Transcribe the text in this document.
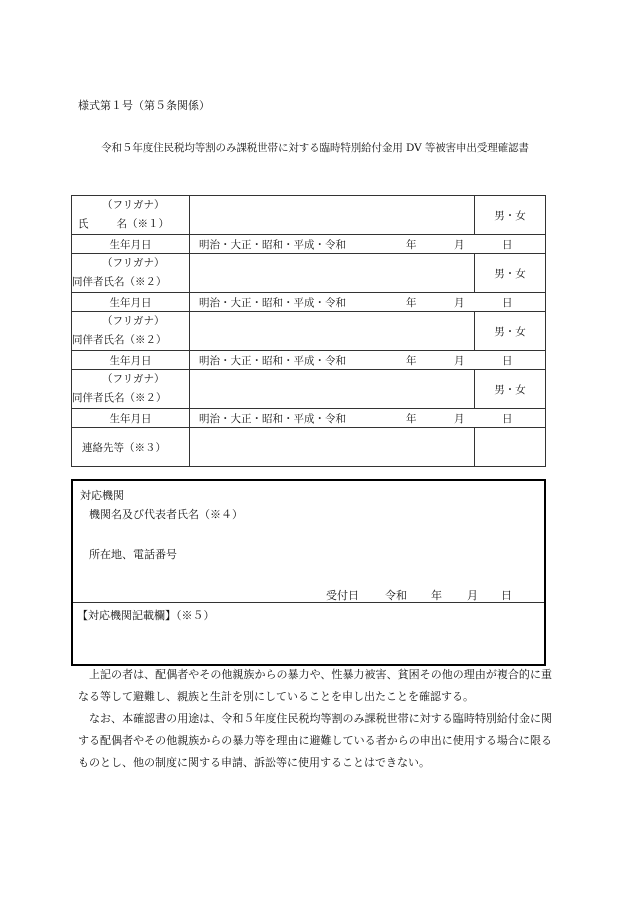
様式第１号（第５条関係）
令和５年度住民税均等割のみ課税世帯に対する臨時特別給付金用 DV 等被害申出受理確認書
（フリガナ）
氏 名（※１）		男・女
生年月日	明治・大正・昭和・平成・令和 年 月 日	

（フリガナ）
同伴者氏名（※２）		男・女
生年月日	明治・大正・昭和・平成・令和 年 月 日	

（フリガナ）
同伴者氏名（※２）		男・女
生年月日	明治・大正・昭和・平成・令和 年 月 日	

（フリガナ）
同伴者氏名（※２）		男・女
生年月日	明治・大正・昭和・平成・令和 年 月 日	

連絡先等（※３）		
対応機関
機関名及び代表者氏名（※４）
所在地、電話番号
受付日 令和 年 月 日
【対応機関記載欄】（※５）
上記の者は、配偶者やその他親族からの暴力や、性暴力被害、貧困その他の理由が複合的に重なる等して避難し、親族と生計を別にしていることを申し出たことを確認する。
なお、本確認書の用途は、令和５年度住民税均等割のみ課税世帯に対する臨時特別給付金に関する配偶者やその他親族からの暴力等を理由に避難している者からの申出に使用する場合に限るものとし、他の制度に関する申請、訴訟等に使用することはできない。
